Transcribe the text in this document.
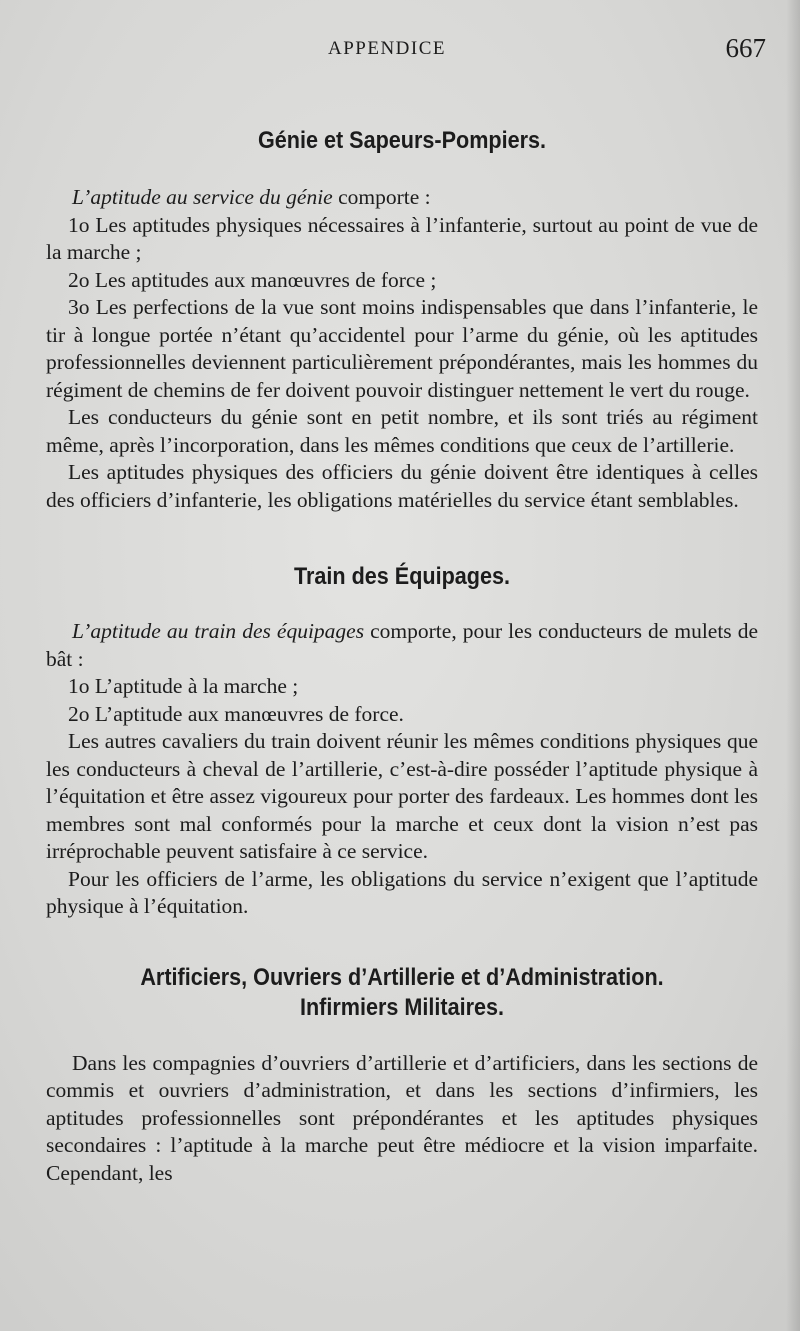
APPENDICE	667
Génie et Sapeurs-Pompiers.

L’aptitude au service du génie comporte :

1o Les aptitudes physiques nécessaires à l’infanterie, surtout au point de vue de la marche ;

2o Les aptitudes aux manœuvres de force ;

3o Les perfections de la vue sont moins indispensables que dans l’infanterie, le tir à longue portée n’étant qu’accidentel pour l’arme du génie, où les aptitudes professionnelles deviennent particulièrement prépondérantes, mais les hommes du régiment de chemins de fer doivent pouvoir distinguer nettement le vert du rouge.

Les conducteurs du génie sont en petit nombre, et ils sont triés au régiment même, après l’incorporation, dans les mêmes conditions que ceux de l’artillerie.

Les aptitudes physiques des officiers du génie doivent être identiques à celles des officiers d’infanterie, les obligations matérielles du service étant semblables.

Train des Équipages.

L’aptitude au train des équipages comporte, pour les conducteurs de mulets de bât :

1o L’aptitude à la marche ;

2o L’aptitude aux manœuvres de force.

Les autres cavaliers du train doivent réunir les mêmes conditions physiques que les conducteurs à cheval de l’artillerie, c’est-à-dire posséder l’aptitude physique à l’équitation et être assez vigoureux pour porter des fardeaux. Les hommes dont les membres sont mal conformés pour la marche et ceux dont la vision n’est pas irréprochable peuvent satisfaire à ce service.

Pour les officiers de l’arme, les obligations du service n’exigent que l’aptitude physique à l’équitation.

Artificiers, Ouvriers d’Artillerie et d’Administration.
Infirmiers Militaires.

Dans les compagnies d’ouvriers d’artillerie et d’artificiers, dans les sections de commis et ouvriers d’administration, et dans les sections d’infirmiers, les aptitudes professionnelles sont prépondérantes et les aptitudes physiques secondaires : l’aptitude à la marche peut être médiocre et la vision imparfaite. Cependant, les
